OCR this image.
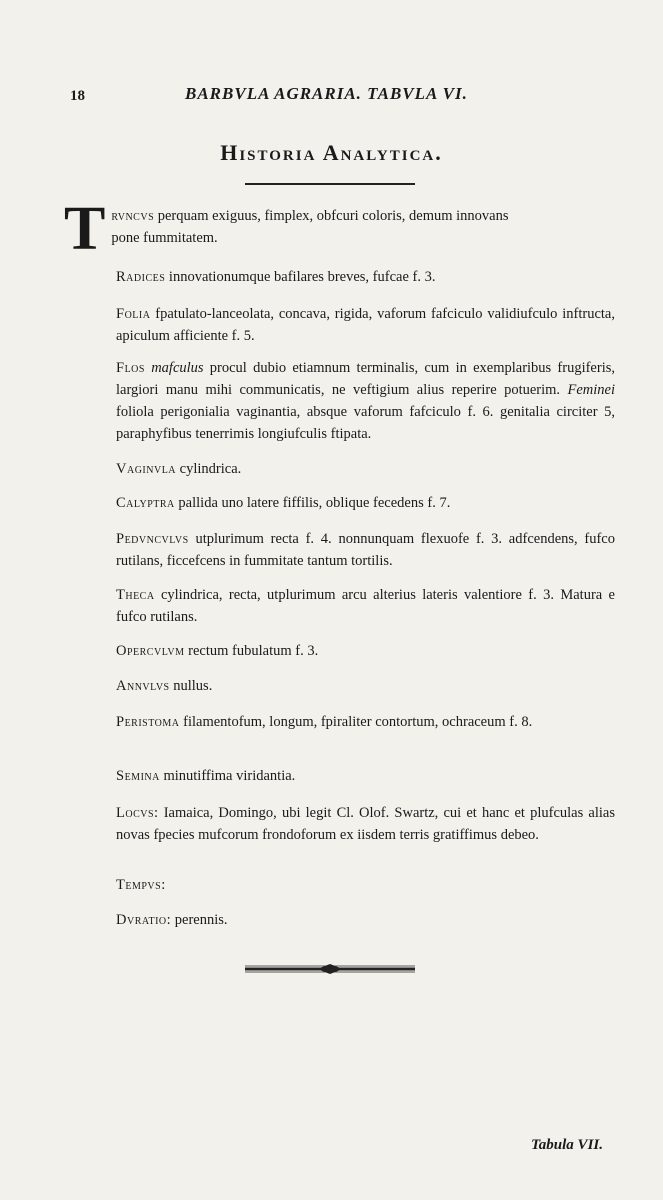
18	BARBVLA AGRARIA. TABVLA VI.
Historia Analytica.
T rvncvs perquam exiguus, fimplex, obfcuri coloris, demum innovans
pone fummitatem.
Radices innovationumque bafilares breves, fufcae f. 3.
Folia fpatulato-lanceolata, concava, rigida, vaforum fafciculo validiufculo inftructa, apiculum afficiente f. 5.
Flos mafculus procul dubio etiamnum terminalis, cum in exemplaribus frugiferis, largiori manu mihi communicatis, ne veftigium alius reperire potuerim. Feminei foliola perigonialia vaginantia, absque vaforum fafciculo f. 6. genitalia circiter 5, paraphyfibus tenerrimis longiufculis ftipata.
Vaginvla cylindrica.
Calyptra pallida uno latere fiffilis, oblique fecedens f. 7.
Pedvncvlvs utplurimum recta f. 4. nonnunquam flexuofe f. 3. adfcendens, fufco rutilans, ficcefcens in fummitate tantum tortilis.
Theca cylindrica, recta, utplurimum arcu alterius lateris valentiore f. 3. Matura e fufco rutilans.
Opercvlvm rectum fubulatum f. 3.
Annvlvs nullus.
Peristoma filamentofum, longum, fpiraliter contortum, ochraceum f. 8.
Semina minutiffima viridantia.
Locvs: Iamaica, Domingo, ubi legit Cl. Olof. Swartz, cui et hanc et plufculas alias novas fpecies mufcorum frondoforum ex iisdem terris gratiffimus debeo.
Tempvs:
Dvratio: perennis.
Tabula VII.
